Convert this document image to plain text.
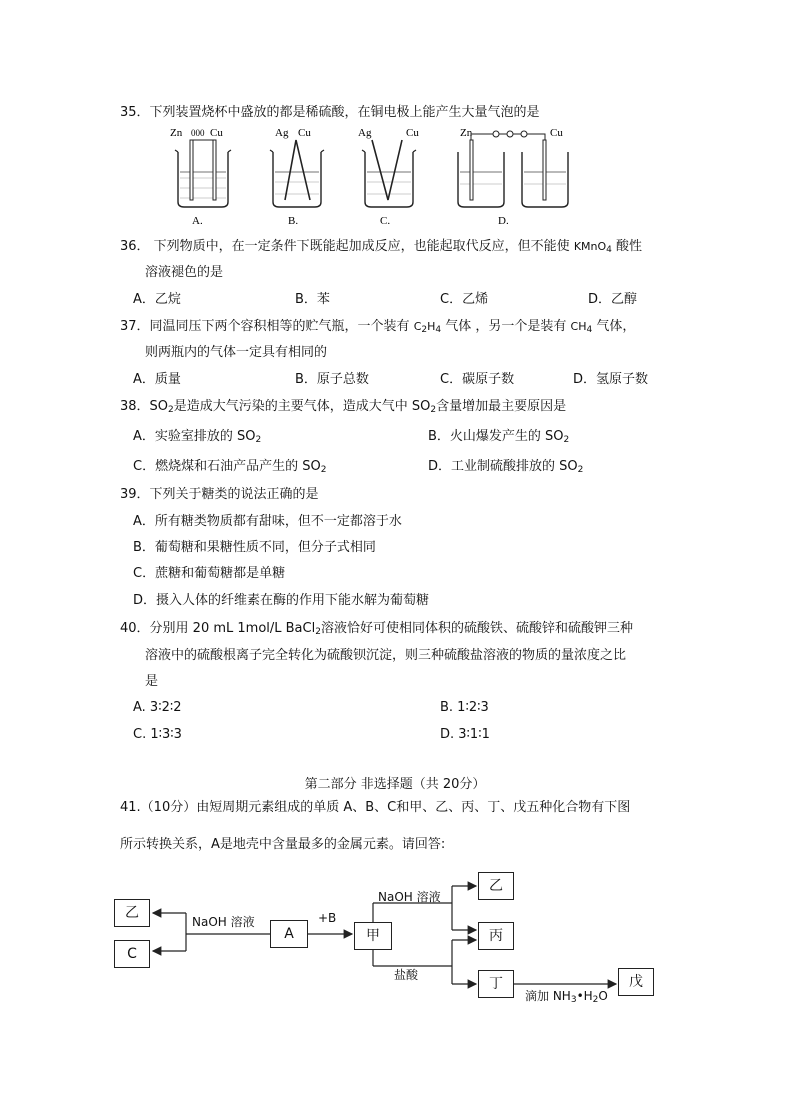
35．下列装置烧杯中盛放的都是稀硫酸，在铜电极上能产生大量气泡的是
Zn 000 Cu
A.
Ag Cu
B.
Ag	Cu
C.
Zn	Cu
D.
36． 下列物质中，在一定条件下既能起加成反应，也能起取代反应，但不能使 KMnO$_4$ 酸性
溶液褪色的是
A．乙烷	B．苯	C．乙烯	D．乙醇
37．同温同压下两个容积相等的贮气瓶，一个装有 $C_2H_4$ 气体 ，另一个是装有 $CH_4$ 气体，
则两瓶内的气体一定具有相同的
A．质量	B．原子总数	C．碳原子数	D．氢原子数
38．$SO_2$是造成大气污染的主要气体，造成大气中 $SO_2$含量增加最主要原因是
A．实验室排放的 $SO_2$	B．火山爆发产生的 $SO_2$
C．燃烧煤和石油产品产生的 $SO_2$	D．工业制硫酸排放的 $SO_2$
39．下列关于糖类的说法正确的是
A．所有糖类物质都有甜味，但不一定都溶于水
B．葡萄糖和果糖性质不同，但分子式相同
C．蔗糖和葡萄糖都是单糖
D．摄入人体的纤维素在酶的作用下能水解为葡萄糖
40．分别用 20 mL 1mol/L BaCl$_2$溶液恰好可使相同体积的硫酸铁、硫酸锌和硫酸钾三种
溶液中的硫酸根离子完全转化为硫酸钡沉淀，则三种硫酸盐溶液的物质的量浓度之比
是
A. 3∶2∶2	B. 1∶2∶3
C. 1∶3∶3	D. 3∶1∶1
第二部分 非选择题（共 20分）
41.（10分）由短周期元素组成的单质 A、B、C和甲、乙、丙、丁、戊五种化合物有下图
所示转换关系，A是地壳中含量最多的金属元素。请回答:
乙
C
A	甲
乙
丙
丁	戊
NaOH 溶液	+B
NaOH 溶液
盐酸
滴加 $NH_3•H_2O$
